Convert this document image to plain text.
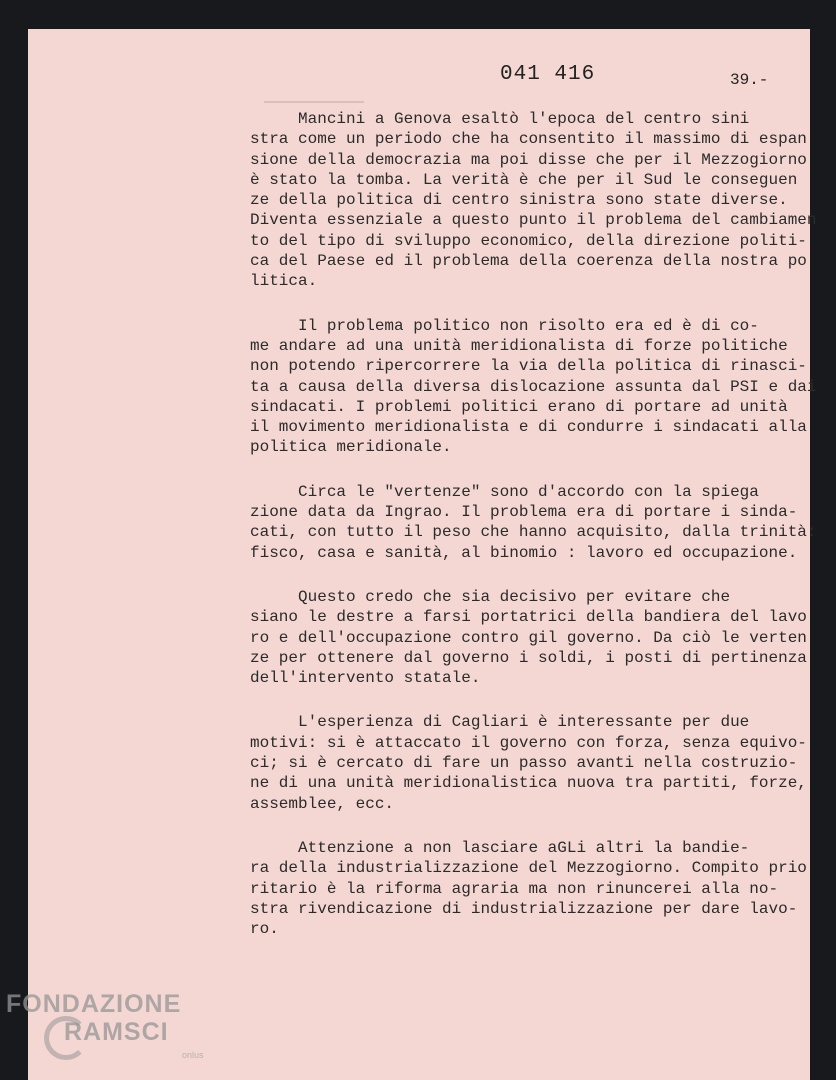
041 416	39.-
Mancini a Genova esaltò l'epoca del centro sini
stra come un periodo che ha consentito il massimo di espan
sione della democrazia ma poi disse che per il Mezzogiorno
è stato la tomba. La verità è che per il Sud le conseguen
ze della politica di centro sinistra sono state diverse.
Diventa essenziale a questo punto il problema del cambiamen
to del tipo di sviluppo economico, della direzione politi-
ca del Paese ed il problema della coerenza della nostra po
litica.
Il problema politico non risolto era ed è di co-
me andare ad una unità meridionalista di forze politiche
non potendo ripercorrere la via della politica di rinasci-
ta a causa della diversa dislocazione assunta dal PSI e dai
sindacati. I problemi politici erano di portare ad unità
il movimento meridionalista e di condurre i sindacati alla
politica meridionale.
Circa le "vertenze" sono d'accordo con la spiega
zione data da Ingrao. Il problema era di portare i sinda-
cati, con tutto il peso che hanno acquisito, dalla trinità:
fisco, casa e sanità, al binomio : lavoro ed occupazione.
Questo credo che sia decisivo per evitare che
siano le destre a farsi portatrici della bandiera del lavo
ro e dell'occupazione contro gil governo. Da ciò le verten
ze per ottenere dal governo i soldi, i posti di pertinenza
dell'intervento statale.
L'esperienza di Cagliari è interessante per due
motivi: si è attaccato il governo con forza, senza equivo-
ci; si è cercato di fare un passo avanti nella costruzio-
ne di una unità meridionalistica nuova tra partiti, forze,
assemblee, ecc.
Attenzione a non lasciare aGLi altri la bandie-
ra della industrializzazione del Mezzogiorno. Compito prio
ritario è la riforma agraria ma non rinuncerei alla no-
stra rivendicazione di industrializzazione per dare lavo-
ro.
FONDAZIONE
RAMSCI
onlus
